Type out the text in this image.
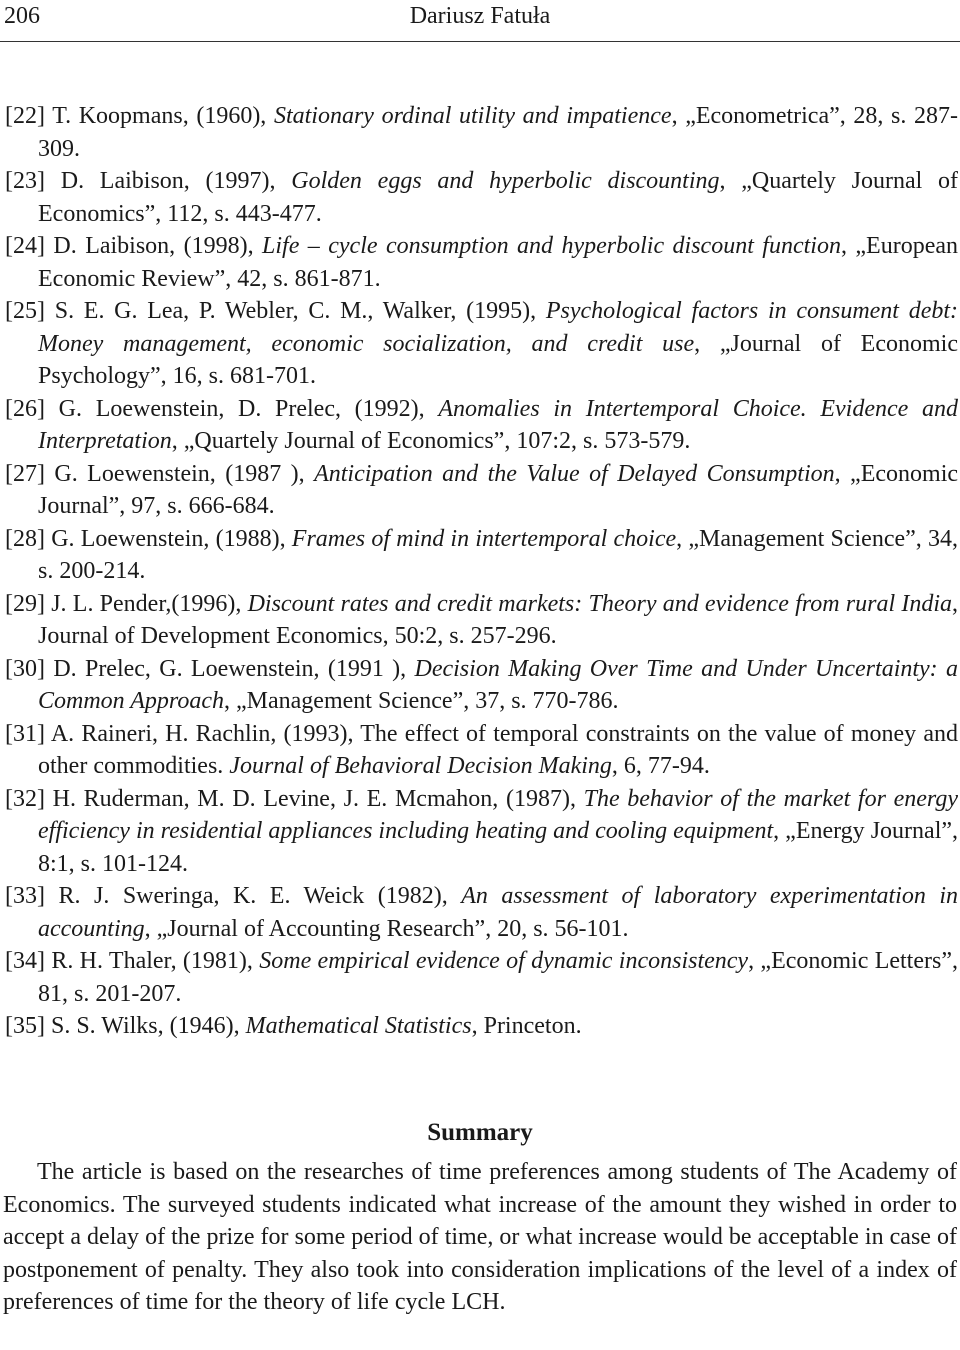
206	Dariusz Fatuła
[22] T. Koopmans, (1960), Stationary ordinal utility and impatience, „Econometrica”, 28, s. 287-309.
[23] D. Laibison, (1997), Golden eggs and hyperbolic discounting, „Quartely Journal of Economics”, 112, s. 443-477.
[24] D. Laibison, (1998), Life – cycle consumption and hyperbolic discount function, „European Economic Review”, 42, s. 861-871.
[25] S. E. G. Lea, P. Webler, C. M., Walker, (1995), Psychological factors in consument debt: Money management, economic socialization, and credit use, „Journal of Economic Psychology”, 16, s. 681-701.
[26] G. Loewenstein, D. Prelec, (1992), Anomalies in Intertemporal Choice. Evidence and Interpretation, „Quartely Journal of Economics”, 107:2, s. 573-579.
[27] G. Loewenstein, (1987 ), Anticipation and the Value of Delayed Consumption, „Economic Journal”, 97, s. 666-684.
[28] G. Loewenstein, (1988), Frames of mind in intertemporal choice, „Management Science”, 34, s. 200-214.
[29] J. L. Pender,(1996), Discount rates and credit markets: Theory and evidence from rural India, Journal of Development Economics, 50:2, s. 257-296.
[30] D. Prelec, G. Loewenstein, (1991 ), Decision Making Over Time and Under Uncertainty: a Common Approach, „Management Science”, 37, s. 770-786.
[31] A. Raineri, H. Rachlin, (1993), The effect of temporal constraints on the value of money and other commodities. Journal of Behavioral Decision Making, 6, 77-94.
[32] H. Ruderman, M. D. Levine, J. E. Mcmahon, (1987), The behavior of the market for energy efficiency in residential appliances including heating and cooling equipment, „Energy Journal”, 8:1, s. 101-124.
[33] R. J. Sweringa, K. E. Weick (1982), An assessment of laboratory experimentation in accounting, „Journal of Accounting Research”, 20, s. 56-101.
[34] R. H. Thaler, (1981), Some empirical evidence of dynamic inconsistency, „Economic Letters”, 81, s. 201-207.
[35] S. S. Wilks, (1946), Mathematical Statistics, Princeton.
Summary

The article is based on the researches of time preferences among students of The Academy of Economics. The surveyed students indicated what increase of the amount they wished in order to accept a delay of the prize for some period of time, or what increase would be acceptable in case of postponement of penalty. They also took into consideration implications of the level of a index of preferences of time for the theory of life cycle LCH.
